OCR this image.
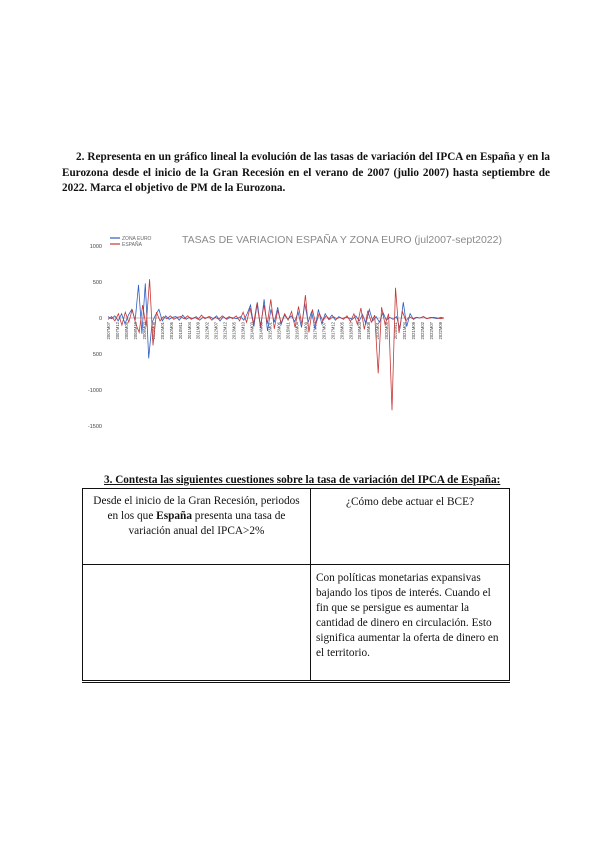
2. Representa en un gráfico lineal la evolución de las tasas de variación del IPCA en España y en la Eurozona desde el inicio de la Gran Recesión en el verano de 2007 (julio 2007) hasta septiembre de 2022. Marca el objetivo de PM de la Eurozona.
TASAS DE VARIACION ESPAÑA Y ZONA EURO (jul2007-sept2022)
ZONA EURO
ESPAÑA
1000
500
0
500
-1000
-1500
2007M07 2007M12 2008M05 2008M10 2009M03 2009M08 2010M01 2010M06 2010M11 2011M04 2011M09 2012M02 2012M07 2012M12 2013M05 2013M10 2014M03 2014M08 2015M01 2015M06 2015M11 2016M04 2016M09 2017M02 2017M07 2017M12 2018M05 2018M10 2019M03 2019M08 2020M01 2020M06 2020M11 2021M04 2021M09 2022M02 2022M07 2022M09
3. Contesta las siguientes cuestiones sobre la tasa de variación del IPCA de España:
Desde el inicio de la Gran Recesión, periodos en los que España presenta una tasa de variación anual del IPCA>2%	¿Cómo debe actuar el BCE?
	Con políticas monetarias expansivas bajando los tipos de interés. Cuando el fin que se persigue es aumentar la cantidad de dinero en circulación. Esto significa aumentar la oferta de dinero en el territorio.
